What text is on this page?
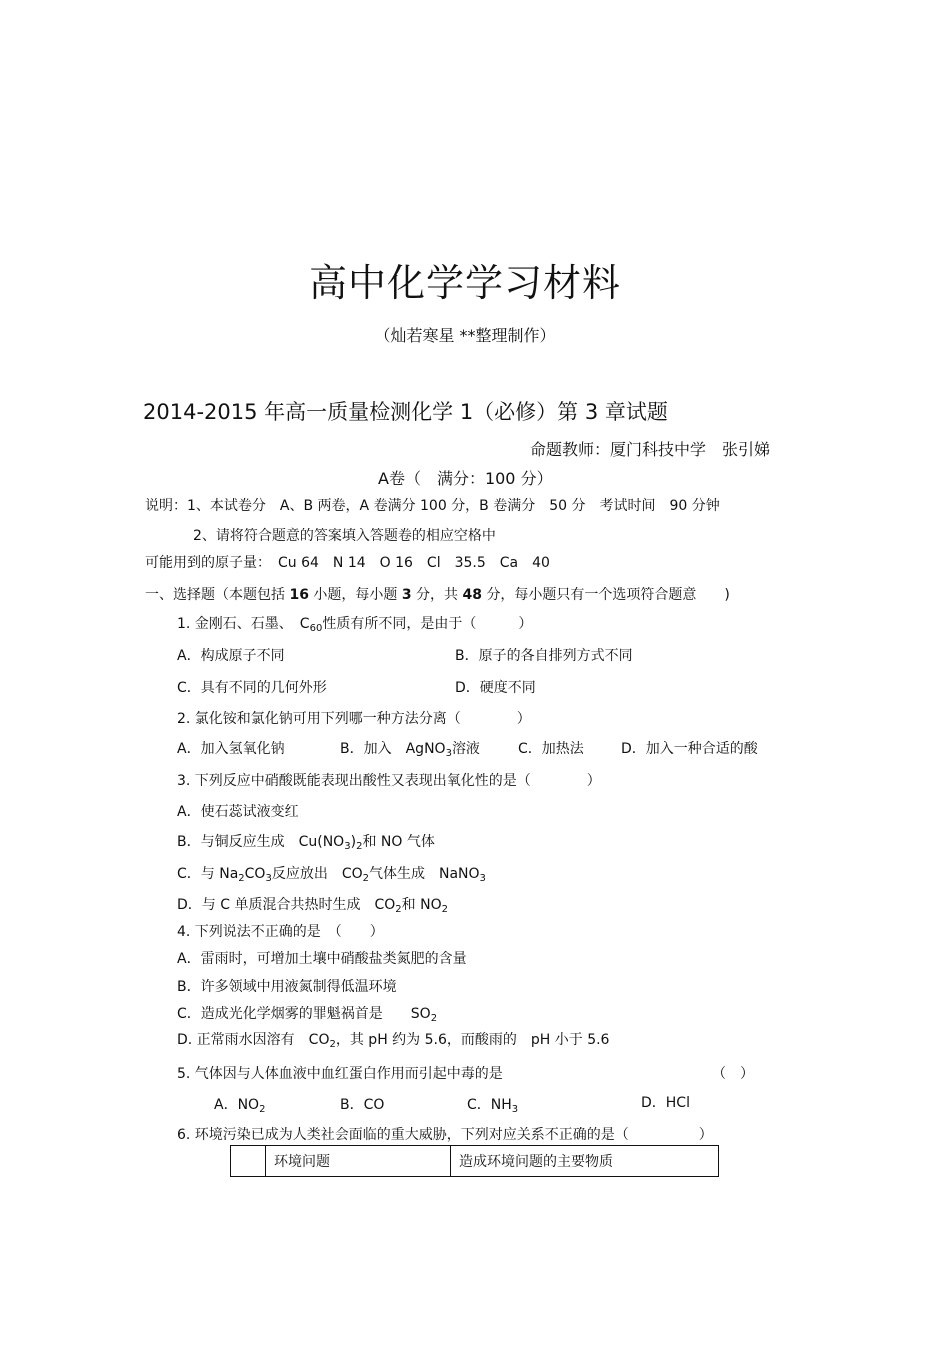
高中化学学习材料
（灿若寒星 **整理制作）
2014-2015 年高一质量检测化学 1（必修）第 3 章试题
命题教师：厦门科技中学　张引娣
A卷（　满分：100 分）
说明：1、本试卷分　A、B 两卷，A 卷满分 100 分，B 卷满分　50 分　考试时间　90 分钟
2、请将符合题意的答案填入答题卷的相应空格中
可能用到的原子量：　Cu 64　N 14　O 16　Cl　35.5　Ca　40
一、选择题（本题包括 16 小题，每小题 3 分，共 48 分，每小题只有一个选项符合题意　　)
1. 金刚石、石墨、　$C_{60}$性质有所不同，是由于（　　　）
A．构成原子不同	B．原子的各自排列方式不同
C．具有不同的几何外形	D．硬度不同
2. 氯化铵和氯化钠可用下列哪一种方法分离（　　　　）
A．加入氢氧化钠	B．加入　AgNO$_3$溶液	C．加热法	D．加入一种合适的酸
3. 下列反应中硝酸既能表现出酸性又表现出氧化性的是（　　　　）
A．使石蕊试液变红
B．与铜反应生成　$Cu(NO_3)_2$和 NO 气体
C．与 $Na_2CO_3$反应放出　$CO_2$气体生成　NaNO$_3$
D．与 C 单质混合共热时生成　$CO_2$和 $NO_2$
4. 下列说法不正确的是　（　　）
A．雷雨时，可增加土壤中硝酸盐类氮肥的含量
B．许多领域中用液氮制得低温环境
C．造成光化学烟雾的罪魁祸首是　　$SO_2$
D. 正常雨水因溶有　$CO_2$，其 pH 约为 5.6，而酸雨的　pH 小于 5.6
5. 气体因与人体血液中血红蛋白作用而引起中毒的是	（　）
A．$NO_2$	B．CO	C．$NH_3$	D．HCl
6. 环境污染已成为人类社会面临的重大威胁，下列对应关系不正确的是（　　　　　）
	环境问题	造成环境问题的主要物质
